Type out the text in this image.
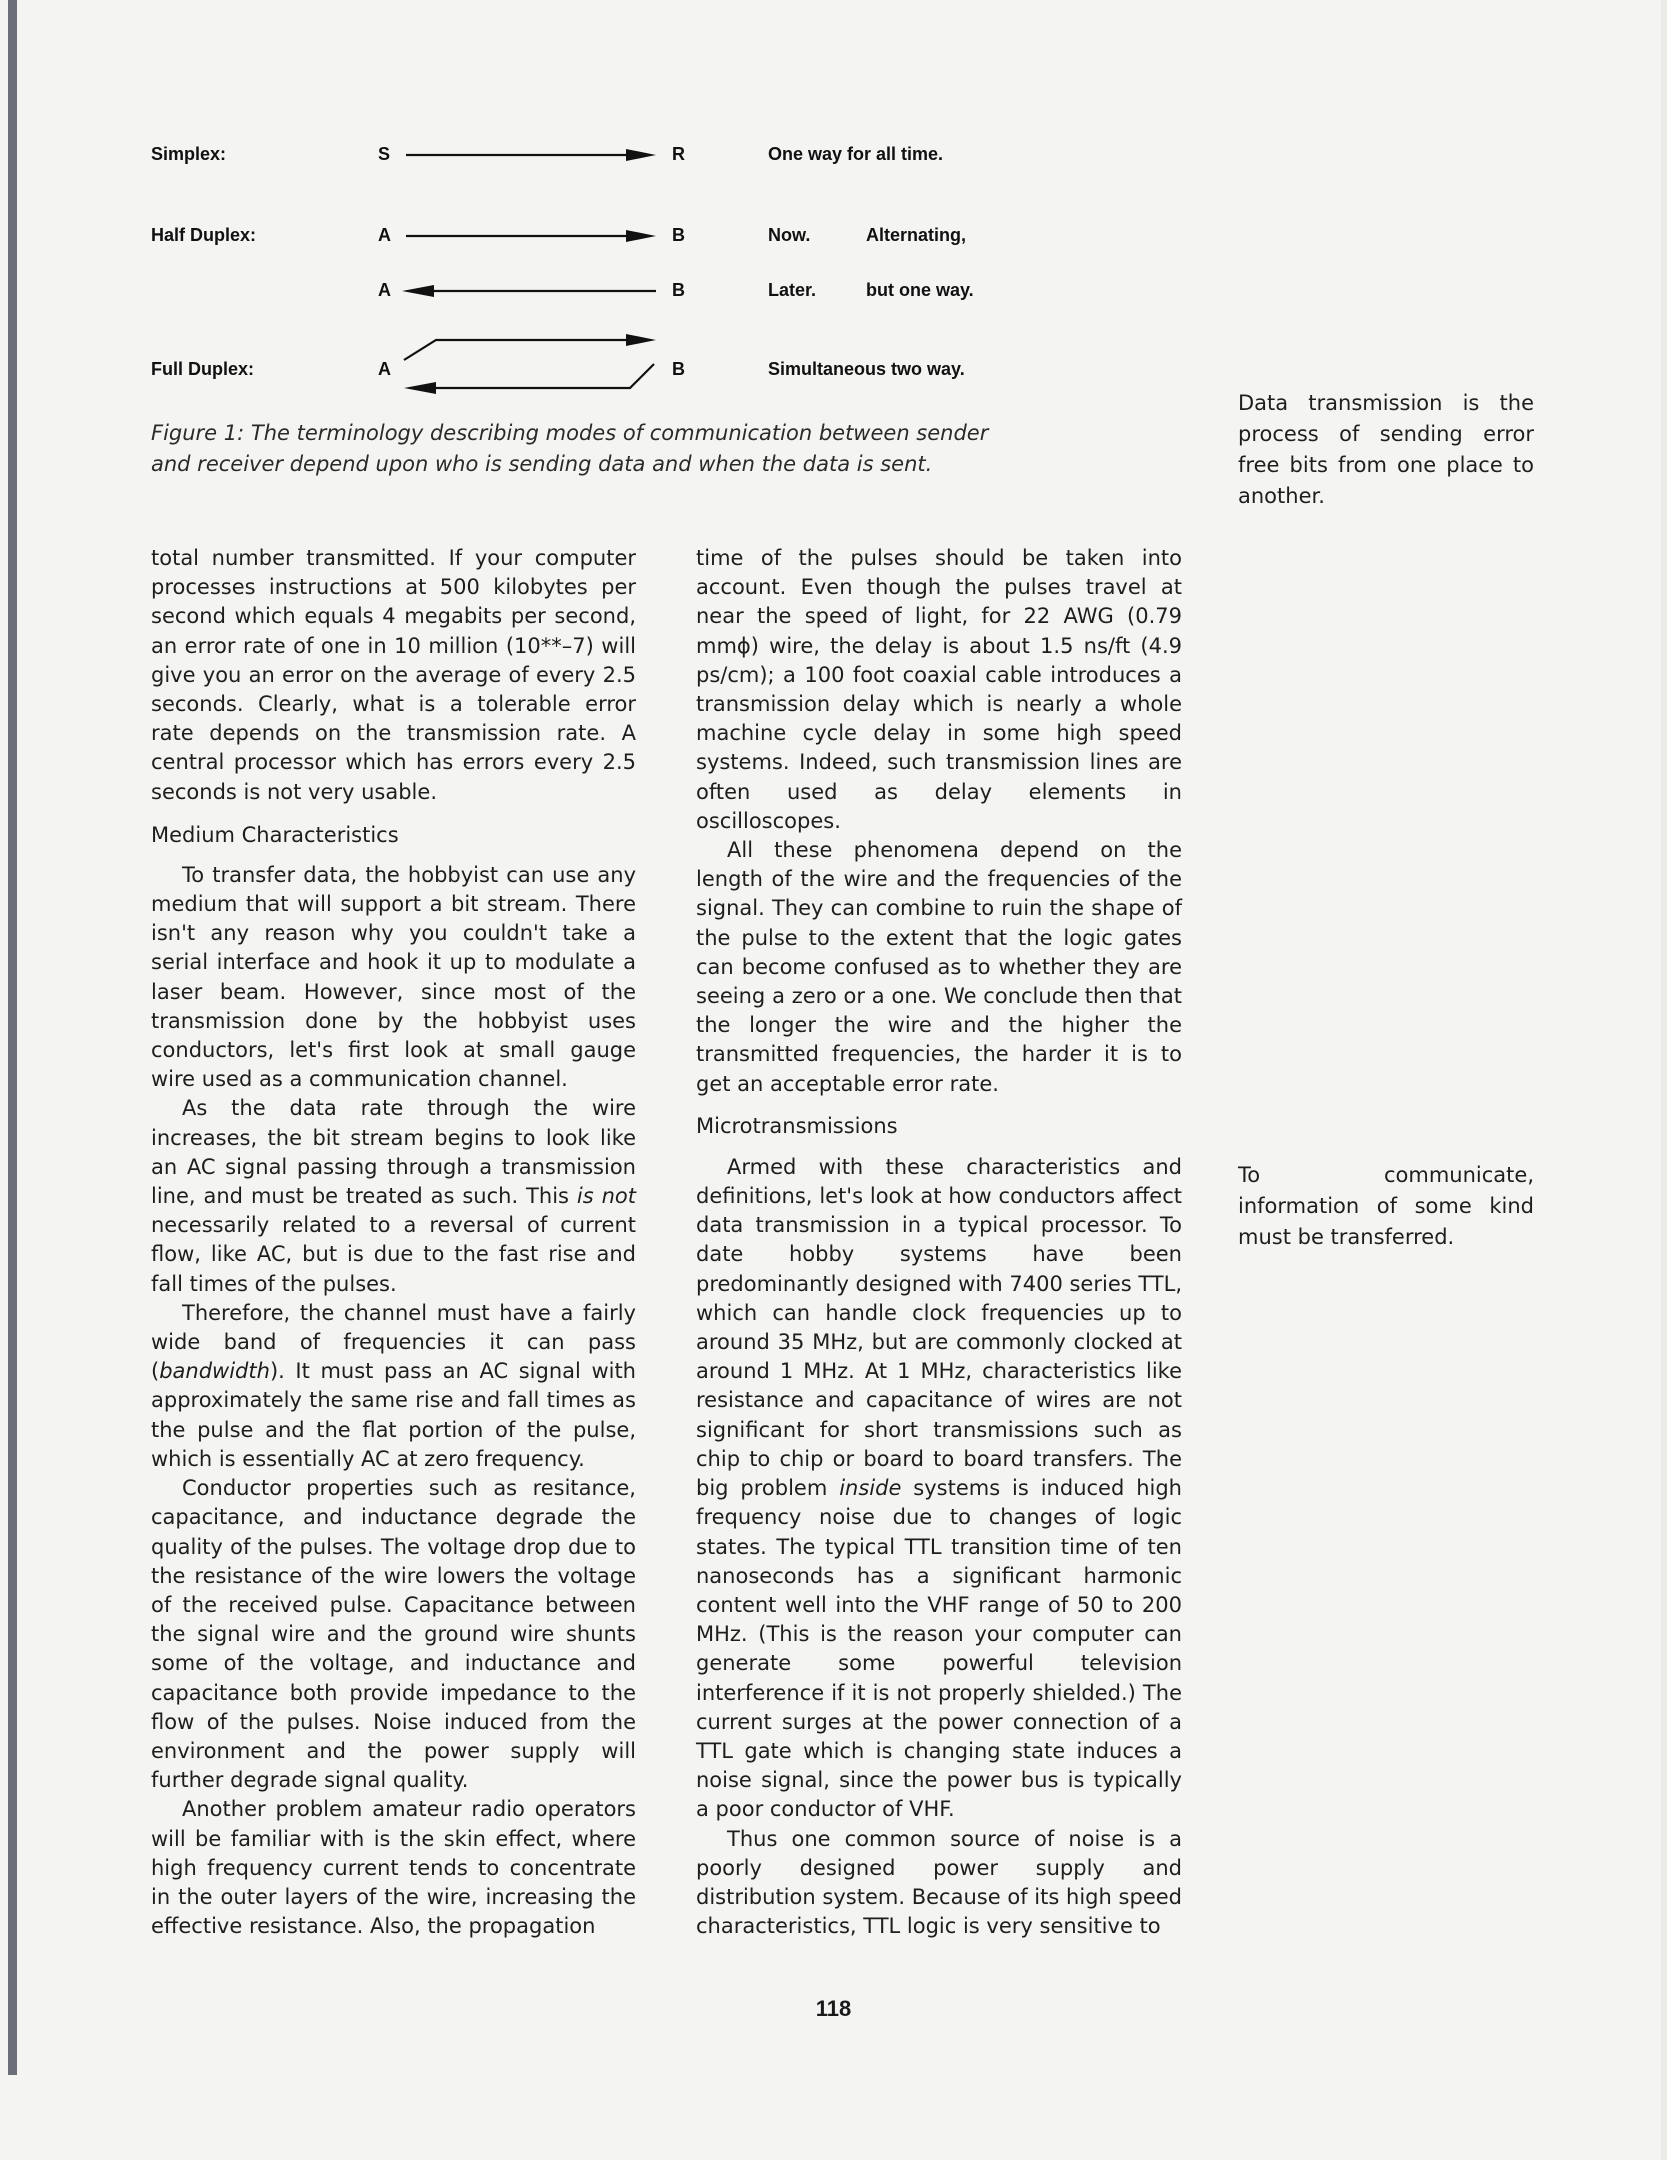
Simplex:	S	R	One way for all time.
Half Duplex:	A	B	Now.	Alternating,
A	B	Later.	but one way.
Full Duplex:	A	B	Simultaneous two way.
Figure 1: The terminology describing modes of communication between sender and receiver depend upon who is sending data and when the data is sent.
Data transmission is the process of sending error free bits from one place to another.
To communicate, information of some kind must be transferred.

total number transmitted. If your computer processes instructions at 500 kilobytes per second which equals 4 megabits per second, an error rate of one in 10 million (10**–7) will give you an error on the average of every 2.5 seconds. Clearly, what is a tolerable error rate depends on the transmission rate. A central processor which has errors every 2.5 seconds is not very usable.

Medium Characteristics

To transfer data, the hobbyist can use any medium that will support a bit stream. There isn't any reason why you couldn't take a serial interface and hook it up to modulate a laser beam. However, since most of the transmission done by the hobbyist uses conductors, let's first look at small gauge wire used as a communication channel.

As the data rate through the wire increases, the bit stream begins to look like an AC signal passing through a transmission line, and must be treated as such. This is not necessarily related to a reversal of current flow, like AC, but is due to the fast rise and fall times of the pulses.

Therefore, the channel must have a fairly wide band of frequencies it can pass (bandwidth). It must pass an AC signal with approximately the same rise and fall times as the pulse and the flat portion of the pulse, which is essentially AC at zero frequency.

Conductor properties such as resitance, capacitance, and inductance degrade the quality of the pulses. The voltage drop due to the resistance of the wire lowers the voltage of the received pulse. Capacitance between the signal wire and the ground wire shunts some of the voltage, and inductance and capacitance both provide impedance to the flow of the pulses. Noise induced from the environment and the power supply will further degrade signal quality.

Another problem amateur radio operators will be familiar with is the skin effect, where high frequency current tends to concentrate in the outer layers of the wire, increasing the effective resistance. Also, the propagation

time of the pulses should be taken into account. Even though the pulses travel at near the speed of light, for 22 AWG (0.79 mmϕ) wire, the delay is about 1.5 ns/ft (4.9 ps/cm); a 100 foot coaxial cable introduces a transmission delay which is nearly a whole machine cycle delay in some high speed systems. Indeed, such transmission lines are often used as delay elements in oscilloscopes.

All these phenomena depend on the length of the wire and the frequencies of the signal. They can combine to ruin the shape of the pulse to the extent that the logic gates can become confused as to whether they are seeing a zero or a one. We conclude then that the longer the wire and the higher the transmitted frequencies, the harder it is to get an acceptable error rate.

Microtransmissions

Armed with these characteristics and definitions, let's look at how conductors affect data transmission in a typical processor. To date hobby systems have been predominantly designed with 7400 series TTL, which can handle clock frequencies up to around 35 MHz, but are commonly clocked at around 1 MHz. At 1 MHz, characteristics like resistance and capacitance of wires are not significant for short transmissions such as chip to chip or board to board transfers. The big problem inside systems is induced high frequency noise due to changes of logic states. The typical TTL transition time of ten nanoseconds has a significant harmonic content well into the VHF range of 50 to 200 MHz. (This is the reason your computer can generate some powerful television interference if it is not properly shielded.) The current surges at the power connection of a TTL gate which is changing state induces a noise signal, since the power bus is typically a poor conductor of VHF.

Thus one common source of noise is a poorly designed power supply and distribution system. Because of its high speed characteristics, TTL logic is very sensitive to

118
